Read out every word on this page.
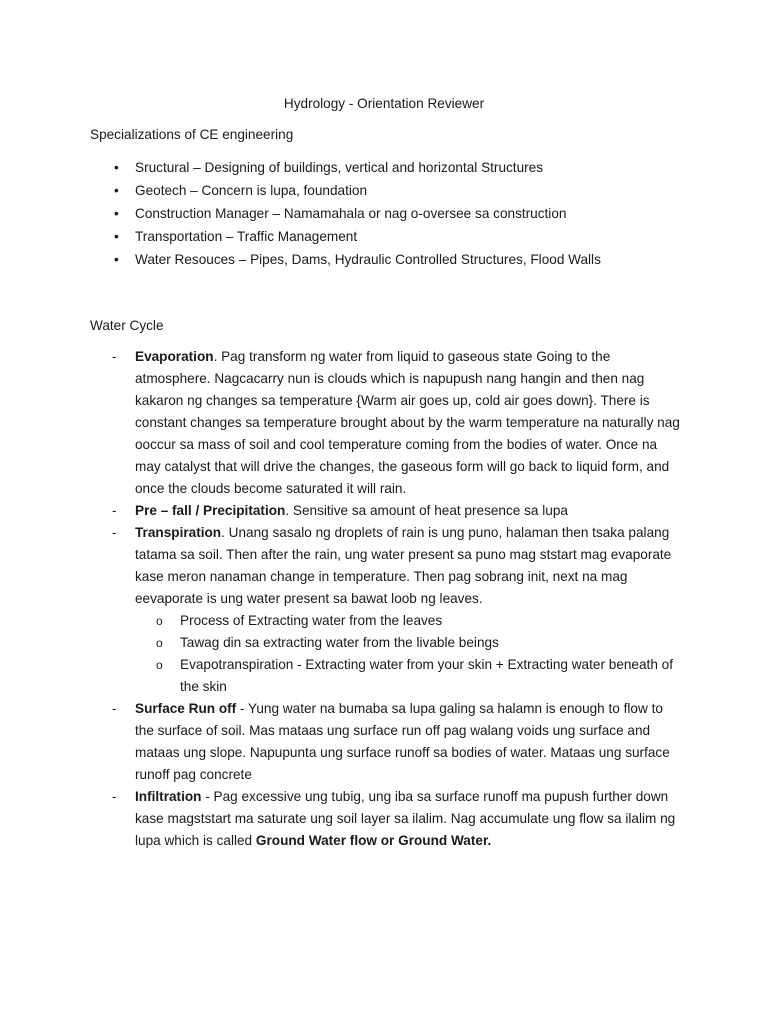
Hydrology - Orientation Reviewer

Specializations of CE engineering

• Sructural – Designing of buildings, vertical and horizontal Structures
• Geotech – Concern is lupa, foundation
• Construction Manager – Namamahala or nag o-oversee sa construction
• Transportation – Traffic Management
• Water Resouces – Pipes, Dams, Hydraulic Controlled Structures, Flood Walls

Water Cycle

- Evaporation. Pag transform ng water from liquid to gaseous state Going to the atmosphere. Nagcacarry nun is clouds which is napupush nang hangin and then nag kakaron ng changes sa temperature {Warm air goes up, cold air goes down}. There is constant changes sa temperature brought about by the warm temperature na naturally nag ooccur sa mass of soil and cool temperature coming from the bodies of water. Once na may catalyst that will drive the changes, the gaseous form will go back to liquid form, and once the clouds become saturated it will rain.
- Pre – fall / Precipitation. Sensitive sa amount of heat presence sa lupa
- Transpiration. Unang sasalo ng droplets of rain is ung puno, halaman then tsaka palang tatama sa soil. Then after the rain, ung water present sa puno mag ststart mag evaporate kase meron nanaman change in temperature. Then pag sobrang init, next na mag eevaporate is ung water present sa bawat loob ng leaves.
o Process of Extracting water from the leaves
o Tawag din sa extracting water from the livable beings
o Evapotranspiration - Extracting water from your skin + Extracting water beneath of the skin
- Surface Run off - Yung water na bumaba sa lupa galing sa halamn is enough to flow to the surface of soil. Mas mataas ung surface run off pag walang voids ung surface and mataas ung slope. Napupunta ung surface runoff sa bodies of water. Mataas ung surface runoff pag concrete
- Infiltration - Pag excessive ung tubig, ung iba sa surface runoff ma pupush further down kase magststart ma saturate ung soil layer sa ilalim. Nag accumulate ung flow sa ilalim ng lupa which is called Ground Water flow or Ground Water.
